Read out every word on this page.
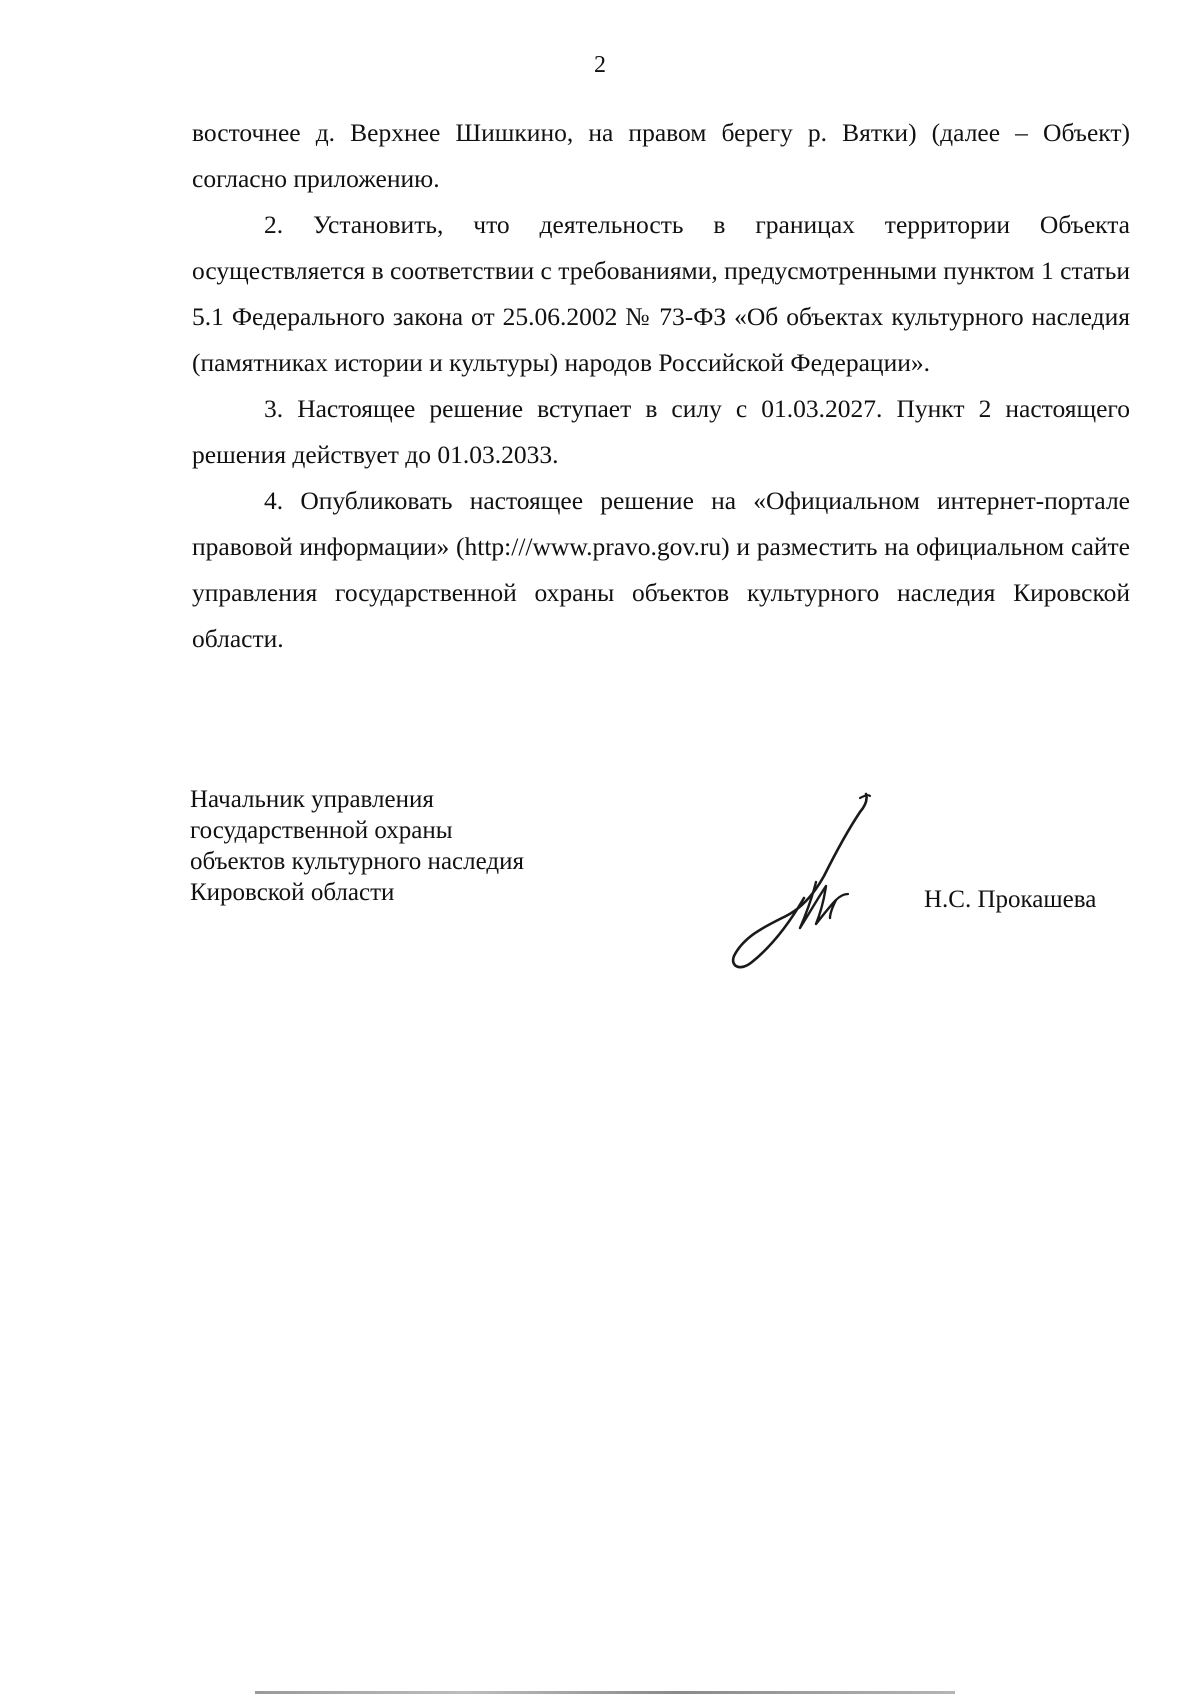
2

восточнее д. Верхнее Шишкино, на правом берегу р. Вятки) (далее – Объект) согласно приложению.

2. Установить, что деятельность в границах территории Объекта осуществляется в соответствии с требованиями, предусмотренными пунктом 1 статьи 5.1 Федерального закона от 25.06.2002 № 73-ФЗ «Об объектах культурного наследия (памятниках истории и культуры) народов Российской Федерации».

3. Настоящее решение вступает в силу с 01.03.2027. Пункт 2 настоящего решения действует до 01.03.2033.

4. Опубликовать настоящее решение на «Официальном интернет-портале правовой информации» (http:///www.pravo.gov.ru) и разместить на официальном сайте управления государственной охраны объектов культурного наследия Кировской области.

Начальник управления
государственной охраны
объектов культурного наследия
Кировской области	Н.С. Прокашева
